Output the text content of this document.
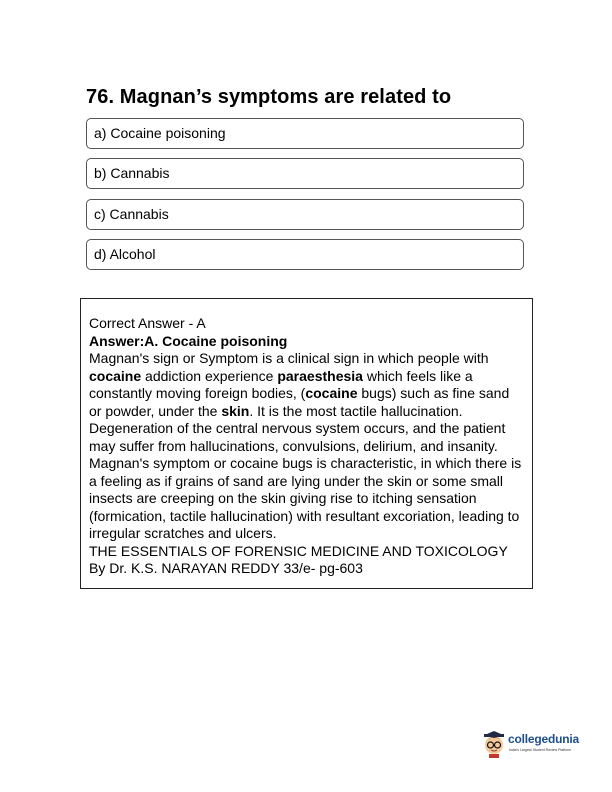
76. Magnan’s symptoms are related to
a) Cocaine poisoning
b) Cannabis
c) Cannabis
d) Alcohol

Correct Answer - A

Answer:A. Cocaine poisoning

Magnan's sign or Symptom is a clinical sign in which people with cocaine addiction experience paraesthesia which feels like a constantly moving foreign bodies, (cocaine bugs) such as fine sand or powder, under the skin. It is the most tactile hallucination.

Degeneration of the central nervous system occurs, and the patient may suffer from hallucinations, convulsions, delirium, and insanity.

Magnan's symptom or cocaine bugs is characteristic, in which there is a feeling as if grains of sand are lying under the skin or some small insects are creeping on the skin giving rise to itching sensation (formication, tactile hallucination) with resultant excoriation, leading to irregular scratches and ulcers.

THE ESSENTIALS OF FORENSIC MEDICINE AND TOXICOLOGY

By Dr. K.S. NARAYAN REDDY 33/e- pg-603

collegedunia
India's Largest Student Review Platform
